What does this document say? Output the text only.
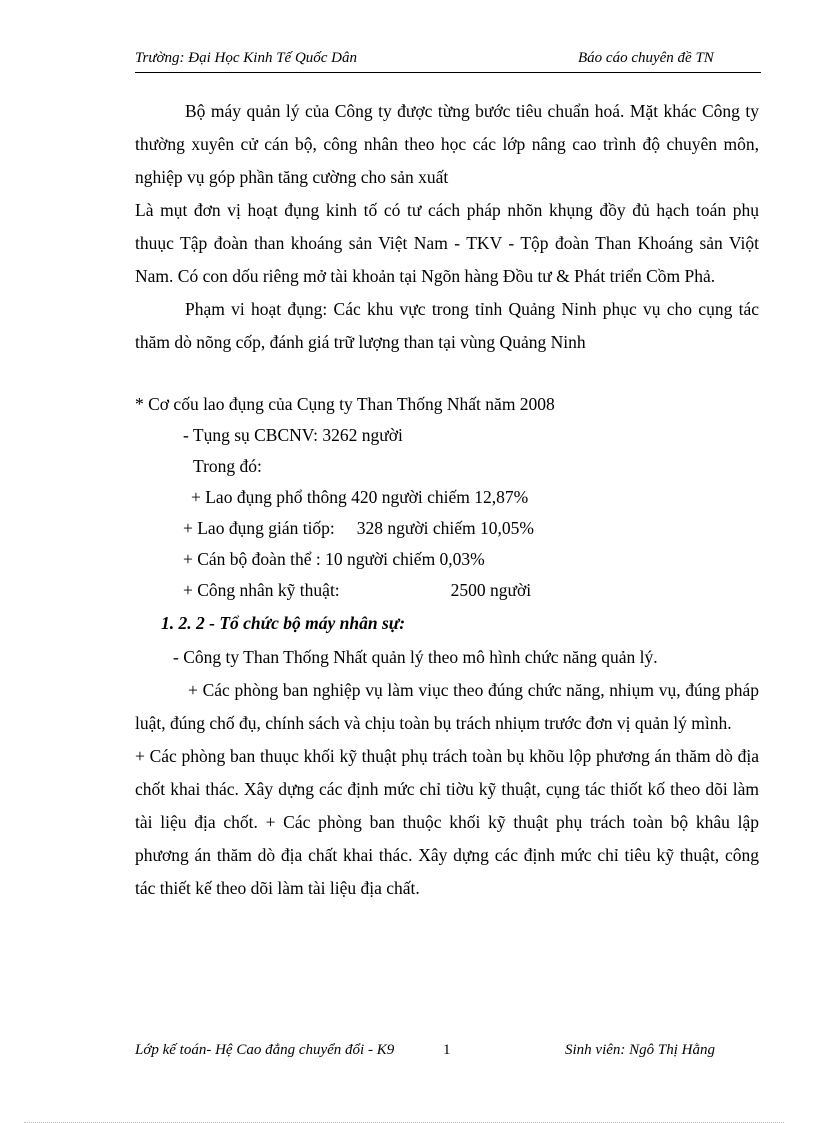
Trường: Đại Học Kinh Tế Quốc Dân	Báo cáo chuyên đề TN

Bộ máy quản lý của Công ty được từng bước tiêu chuẩn hoá. Mặt khác Công ty thường xuyên cử cán bộ, công nhân theo học các lớp nâng cao trình độ chuyên môn, nghiệp vụ góp phần tăng cường cho sản xuất

Là mụt đơn vị hoạt đụng kinh tố có tư cách pháp nhõn khụng đồy đủ hạch toán phụ thuục Tập đoàn than khoáng sản Việt Nam - TKV - Tộp đoàn Than Khoáng sản Viột Nam. Có con dốu riêng mở tài khoản tại Ngõn hàng Đồu tư & Phát triển Cồm Phả.

Phạm vi hoạt đụng: Các khu vực trong tỉnh Quảng Ninh phục vụ cho cụng tác thăm dò nõng cốp, đánh giá trữ lượng than tại vùng Quảng Ninh

* Cơ cốu lao đụng của Cụng ty Than Thống Nhất năm 2008

- Tụng sụ CBCNV: 3262 người

Trong đó:

+ Lao đụng phổ thông 420 người chiếm 12,87%

+ Lao đụng gián tiốp: 328 người chiếm 10,05%

+ Cán bộ đoàn thể : 10 người chiếm 0,03%

+ Công nhân kỹ thuật:	2500 người

1. 2. 2 - Tổ chức bộ máy nhân sự:

- Công ty Than Thống Nhất quản lý theo mô hình chức năng quản lý.

+ Các phòng ban nghiệp vụ làm viục theo đúng chức năng, nhiụm vụ, đúng pháp luật, đúng chố đụ, chính sách và chịu toàn bụ trách nhiụm trước đơn vị quản lý mình.

+ Các phòng ban thuục khối kỹ thuật phụ trách toàn bụ khõu lộp phương án thăm dò địa chốt khai thác. Xây dựng các định mức chỉ tiờu kỹ thuật, cụng tác thiốt kố theo dõi làm tài liệu địa chốt. + Các phòng ban thuộc khối kỹ thuật phụ trách toàn bộ khâu lập phương án thăm dò địa chất khai thác. Xây dựng các định mức chỉ tiêu kỹ thuật, công tác thiết kế theo dõi làm tài liệu địa chất.

Lớp kế toán- Hệ Cao đẳng chuyển đổi - K9	1	Sinh viên: Ngô Thị Hằng
